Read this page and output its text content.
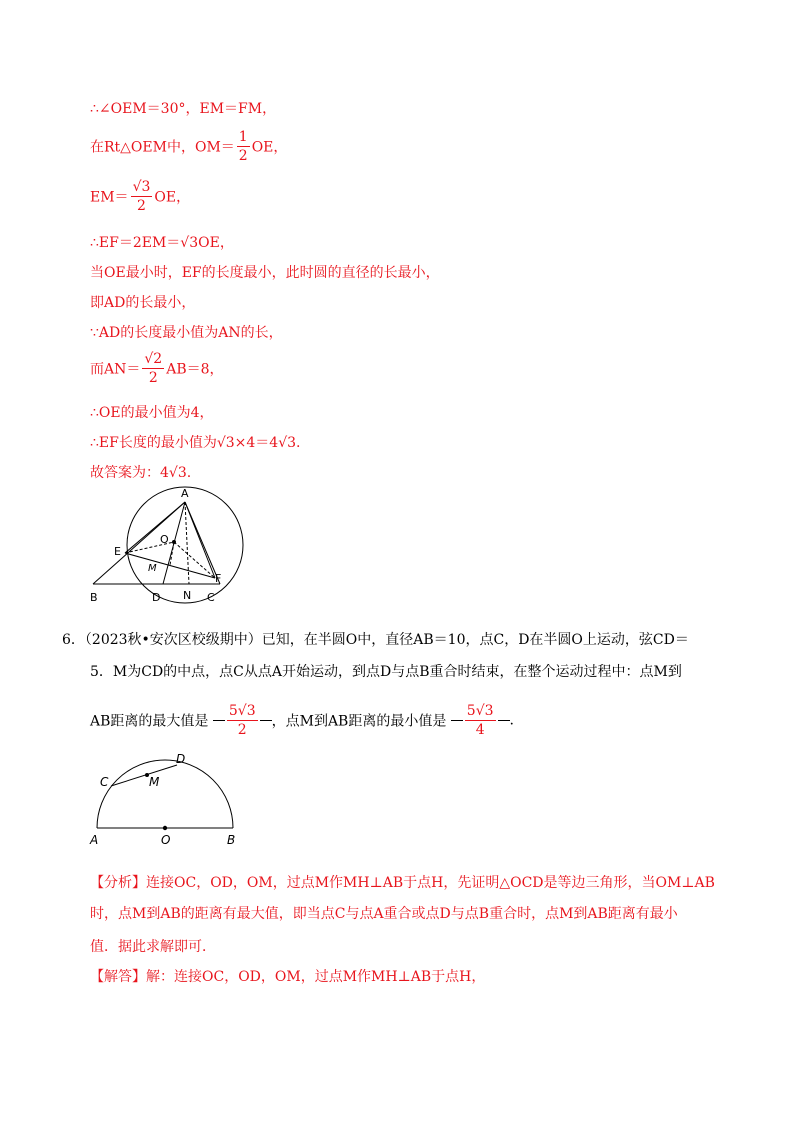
∴∠OEM＝30°，EM＝FM，
在Rt△OEM中，$OM= \frac{1}{2}$ OE，
$EM= \frac{√3}{2}$ OE，
∴EF＝2EM＝√3OE，
当OE最小时，EF的长度最小，此时圆的直径的长最小，
即AD的长最小，
∵AD的长度最小值为AN的长，
而$AN= \frac{√2}{2} AB=8$，
∴OE的最小值为4，
∴EF长度的最小值为√3×4＝4√3.
故答案为：4√3.
A
E
O
M
F
B	D N C
6．（2023秋•安次区校级期中）已知，在半圆O中，直径AB＝10，点C，D在半圆O上运动，弦CD＝
5．M为CD的中点，点C从点A开始运动，到点D与点B重合时结束，在整个运动过程中：点M到
AB距离的最大值是 $\frac{5√3}{2}$ ，点M到AB距离的最小值是 $\frac{5√3}{4}$ .
C	M
D
A	O	B
【分析】连接OC，OD，OM，过点M作MH⊥AB于点H，先证明△OCD是等边三角形，当OM⊥AB
时，点M到AB的距离有最大值，即当点C与点A重合或点D与点B重合时，点M到AB距离有最小
值．据此求解即可．
【解答】解：连接OC，OD，OM，过点M作MH⊥AB于点H，
